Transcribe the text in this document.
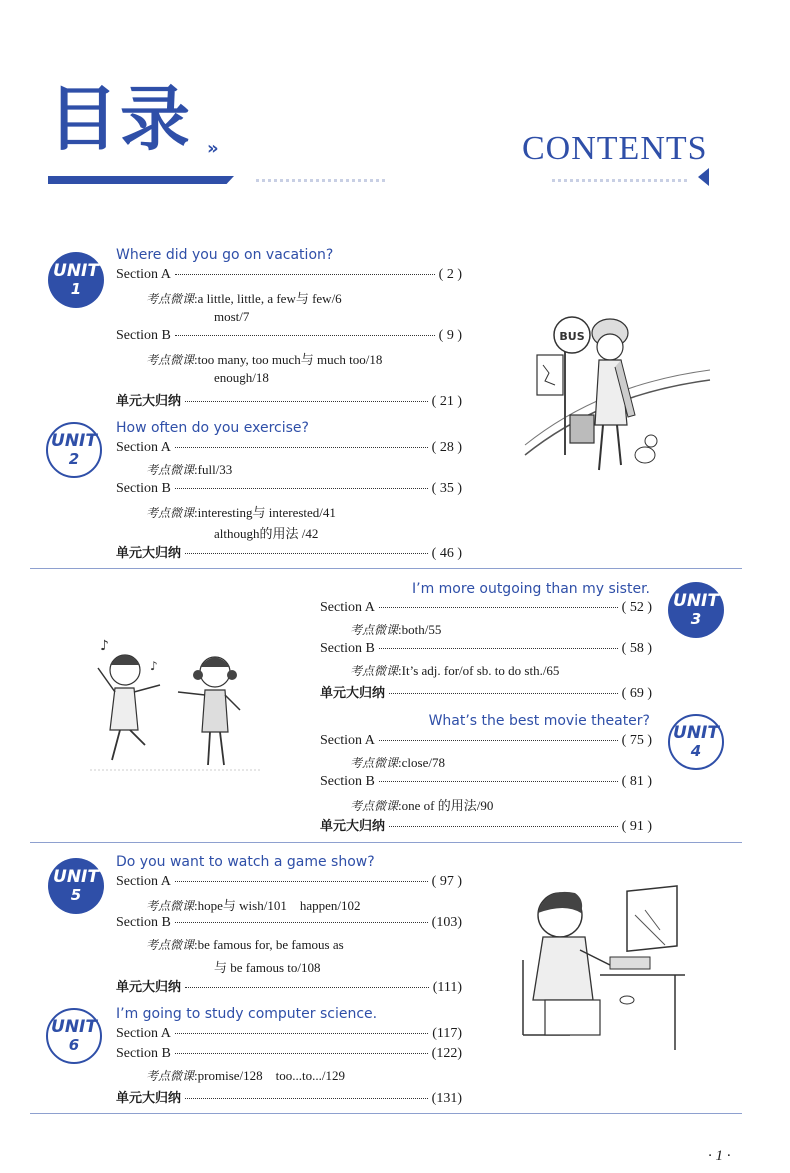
目录 »	CONTENTS
UNIT
1
Where did you go on vacation?
Section A	( 2 )
考点微课:a little, little, a few与 few/6
most/7
Section B	( 9 )
考点微课:too many, too much与 much too/18
enough/18
单元大归纳	( 21 )
UNIT
2
How often do you exercise?
Section A	( 28 )
考点微课:full/33
Section B	( 35 )
考点微课:interesting与 interested/41
although的用法 /42
单元大归纳	( 46 )
BUS
UNIT
3
I’m more outgoing than my sister.
Section A	( 52 )
考点微课:both/55
Section B	( 58 )
考点微课:It’s adj. for/of sb. to do sth./65
单元大归纳	( 69 )
UNIT
4
What’s the best movie theater?
Section A	( 75 )
考点微课:close/78
Section B	( 81 )
考点微课:one of 的用法/90
单元大归纳	( 91 )
♪
♪
UNIT
5
Do you want to watch a game show?
Section A	( 97 )
考点微课:hope与 wish/101    happen/102
Section B	(103)
考点微课:be famous for, be famous as
与 be famous to/108
单元大归纳	(111)
UNIT
6
I’m going to study computer science.
Section A	(117)
Section B	(122)
考点微课:promise/128    too...to.../129
单元大归纳	(131)
· 1 ·
